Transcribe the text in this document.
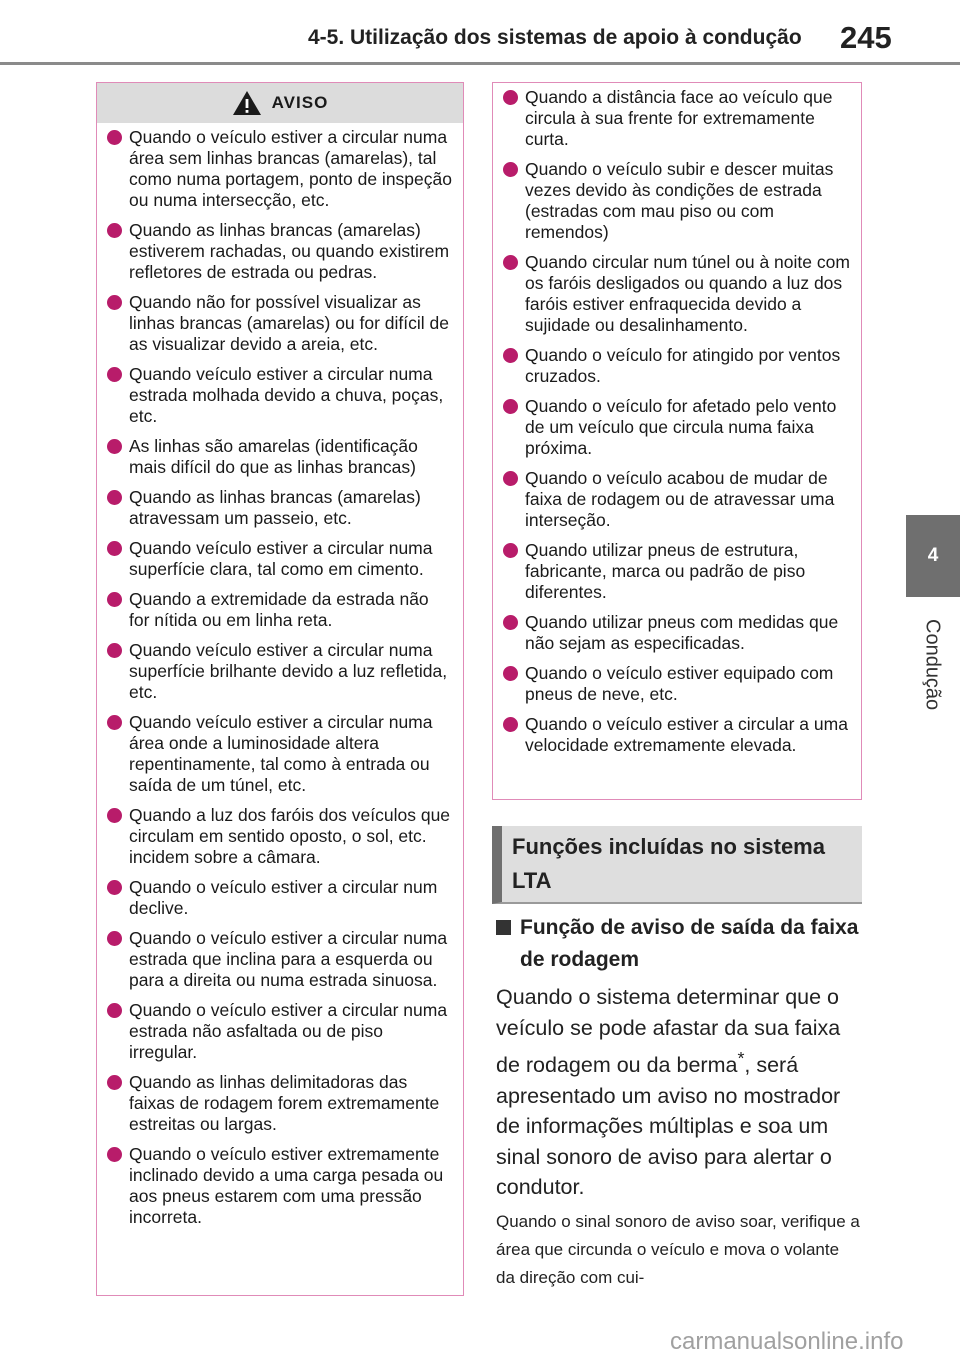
4-5. Utilização dos sistemas de apoio à condução 245
4
Condução
AVISO
Quando o veículo estiver a circular numa área sem linhas brancas (amarelas), tal como numa portagem, ponto de inspeção ou numa intersecção, etc.
Quando as linhas brancas (amarelas) estiverem rachadas, ou quando existirem refletores de estrada ou pedras.
Quando não for possível visualizar as linhas brancas (amarelas) ou for difícil de as visualizar devido a areia, etc.
Quando veículo estiver a circular numa estrada molhada devido a chuva, poças, etc.
As linhas são amarelas (identificação mais difícil do que as linhas brancas)
Quando as linhas brancas (amarelas) atravessam um passeio, etc.
Quando veículo estiver a circular numa superfície clara, tal como em cimento.
Quando a extremidade da estrada não for nítida ou em linha reta.
Quando veículo estiver a circular numa superfície brilhante devido a luz refletida, etc.
Quando veículo estiver a circular numa área onde a luminosidade altera repentinamente, tal como à entrada ou saída de um túnel, etc.
Quando a luz dos faróis dos veículos que circulam em sentido oposto, o sol, etc. incidem sobre a câmara.
Quando o veículo estiver a circular num declive.
Quando o veículo estiver a circular numa estrada que inclina para a esquerda ou para a direita ou numa estrada sinuosa.
Quando o veículo estiver a circular numa estrada não asfaltada ou de piso irregular.
Quando as linhas delimitadoras das faixas de rodagem forem extremamente estreitas ou largas.
Quando o veículo estiver extremamente inclinado devido a uma carga pesada ou aos pneus estarem com uma pressão incorreta.
Quando a distância face ao veículo que circula à sua frente for extremamente curta.
Quando o veículo subir e descer muitas vezes devido às condições de estrada (estradas com mau piso ou com remendos)
Quando circular num túnel ou à noite com os faróis desligados ou quando a luz dos faróis estiver enfraquecida devido a sujidade ou desalinhamento.
Quando o veículo for atingido por ventos cruzados.
Quando o veículo for afetado pelo vento de um veículo que circula numa faixa próxima.
Quando o veículo acabou de mudar de faixa de rodagem ou de atravessar uma interseção.
Quando utilizar pneus de estrutura, fabricante, marca ou padrão de piso diferentes.
Quando utilizar pneus com medidas que não sejam as especificadas.
Quando o veículo estiver equipado com pneus de neve, etc.
Quando o veículo estiver a circular a uma velocidade extremamente elevada.
Funções incluídas no sistema LTA
Função de aviso de saída da faixa de rodagem
Quando o sistema determinar que o veículo se pode afastar da sua faixa de rodagem ou da berma*, será apresentado um aviso no mostrador de informações múltiplas e soa um sinal sonoro de aviso para alertar o condutor.
Quando o sinal sonoro de aviso soar, verifique a área que circunda o veículo e mova o volante da direção com cui-
carmanualsonline.info
